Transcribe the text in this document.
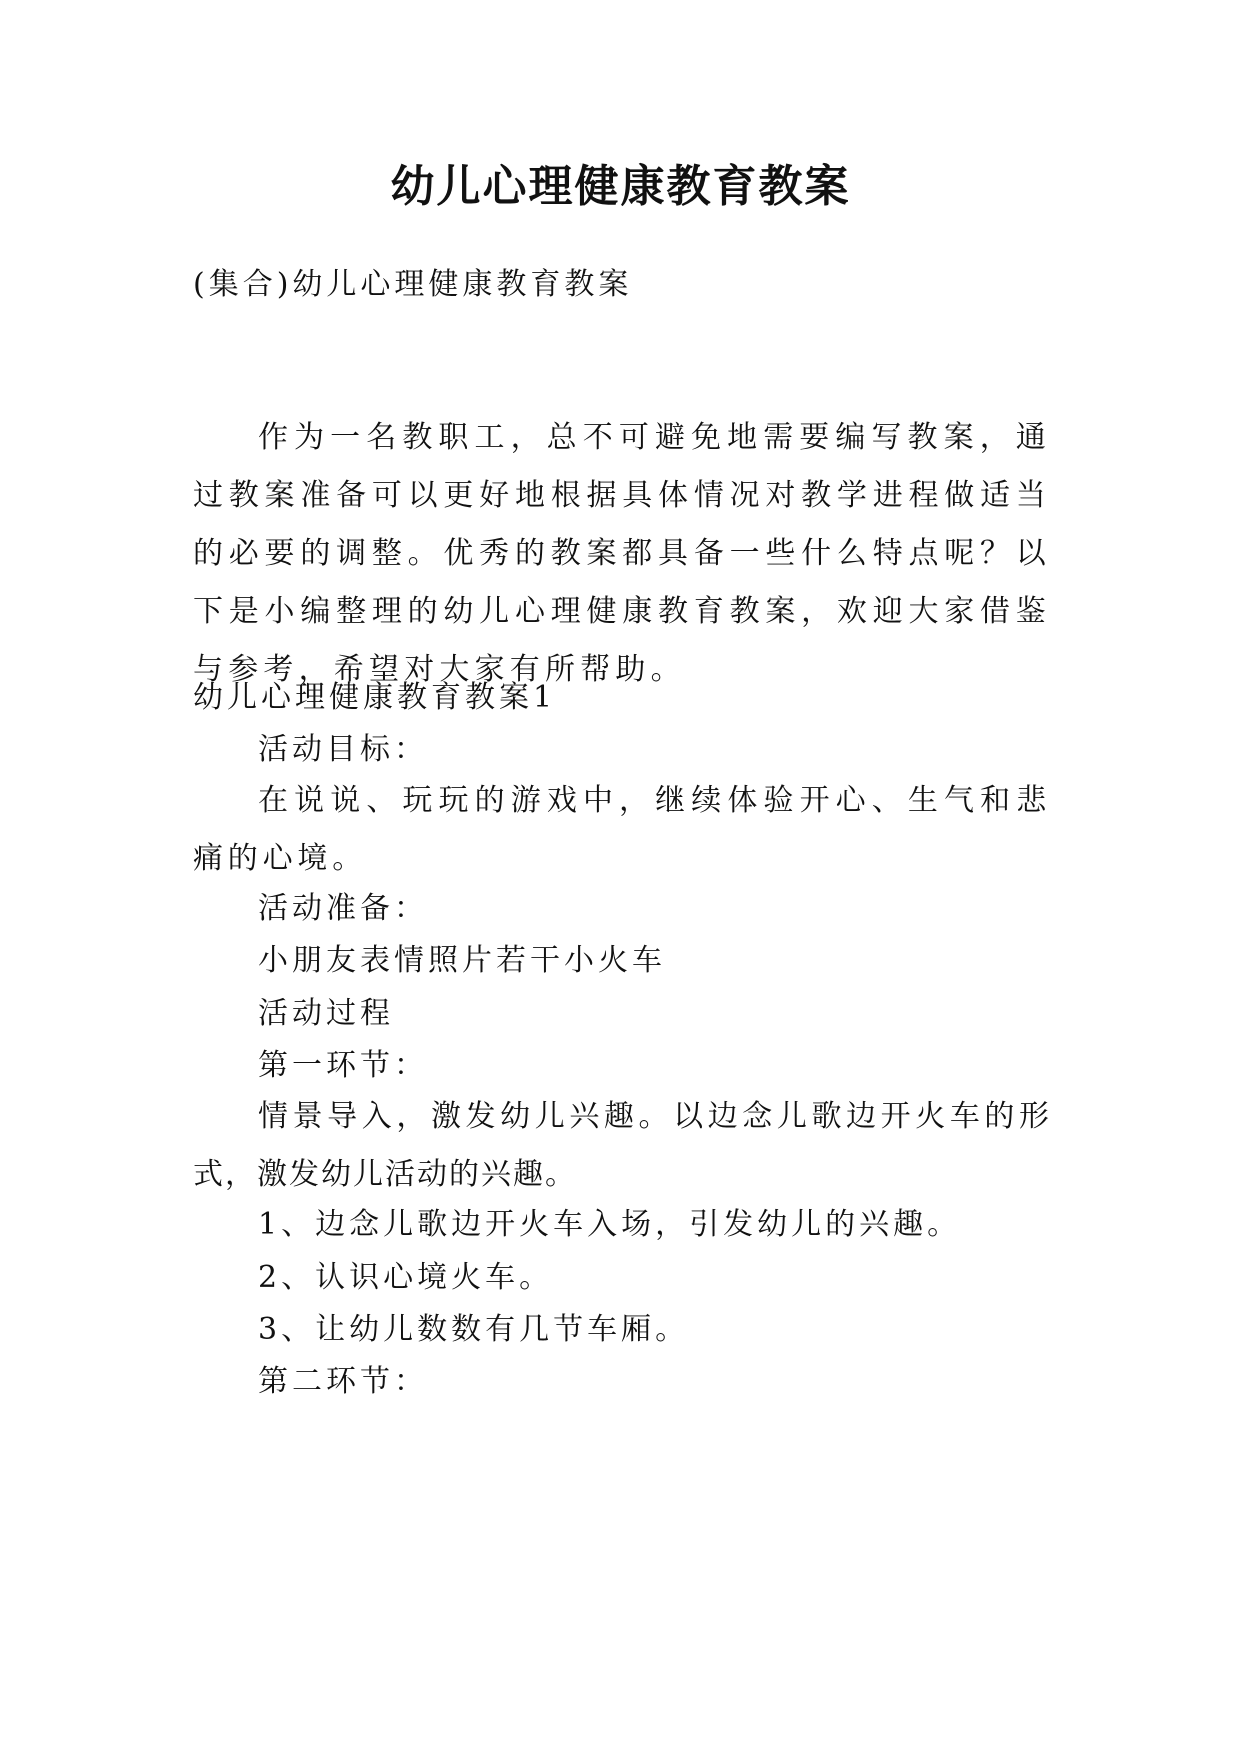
幼儿心理健康教育教案
(集合)幼儿心理健康教育教案
作为一名教职工，总不可避免地需要编写教案，通过教案准备可以更好地根据具体情况对教学进程做适当的必要的调整。优秀的教案都具备一些什么特点呢？以下是小编整理的幼儿心理健康教育教案，欢迎大家借鉴与参考，希望对大家有所帮助。
幼儿心理健康教育教案1
活动目标：
在说说、玩玩的游戏中，继续体验开心、生气和悲痛的心境。
活动准备：
小朋友表情照片若干小火车
活动过程
第一环节：
情景导入，激发幼儿兴趣。以边念儿歌边开火车的形式，激发幼儿活动的兴趣。
1、边念儿歌边开火车入场，引发幼儿的兴趣。
2、认识心境火车。
3、让幼儿数数有几节车厢。
第二环节：
